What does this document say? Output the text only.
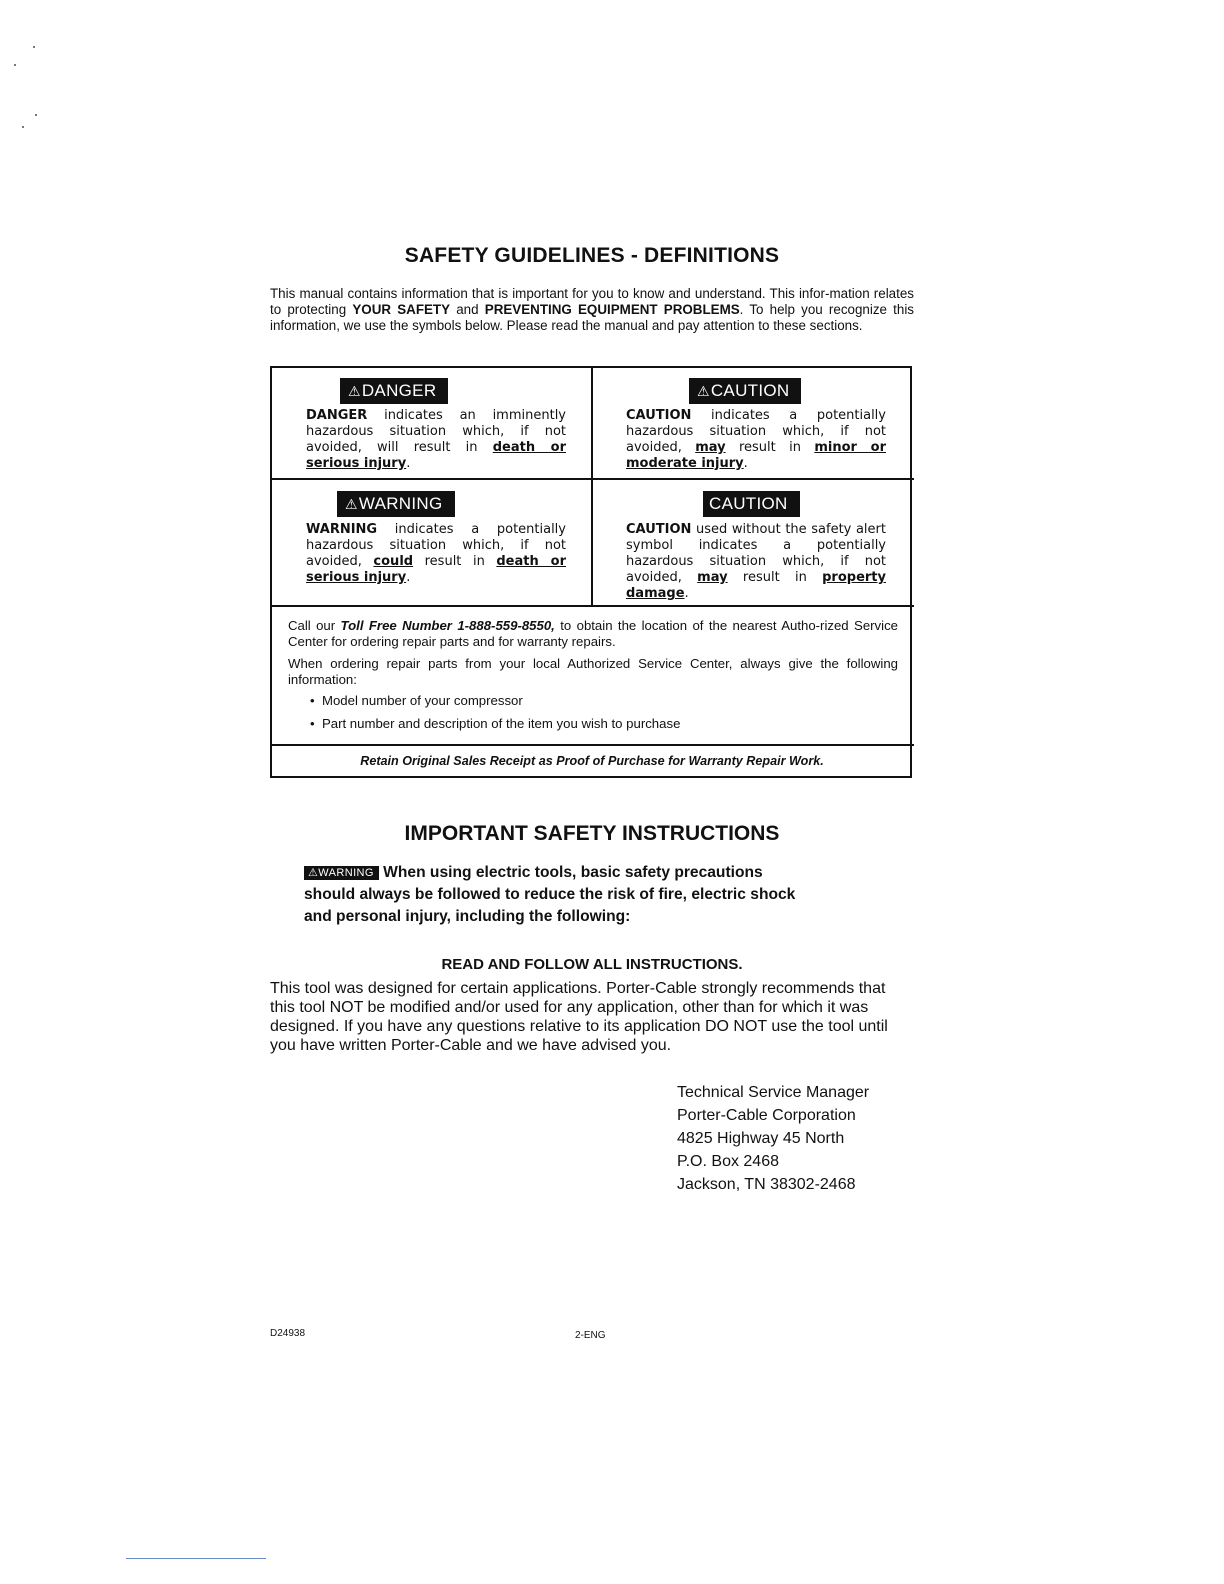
SAFETY GUIDELINES - DEFINITIONS
This manual contains information that is important for you to know and understand. This infor-mation relates to protecting YOUR SAFETY and PREVENTING EQUIPMENT PROBLEMS. To help you recognize this information, we use the symbols below. Please read the manual and pay attention to these sections.
⚠DANGER
DANGER indicates an imminently hazardous situation which, if not avoided, will result in death or serious injury.
⚠CAUTION
CAUTION indicates a potentially hazardous situation which, if not avoided, may result in minor or moderate injury.
⚠WARNING
WARNING indicates a potentially hazardous situation which, if not avoided, could result in death or serious injury.
CAUTION
CAUTION used without the safety alert symbol indicates a potentially hazardous situation which, if not avoided, may result in property damage.
Call our Toll Free Number 1-888-559-8550, to obtain the location of the nearest Autho-rized Service Center for ordering repair parts and for warranty repairs.
When ordering repair parts from your local Authorized Service Center, always give the following information:
•  Model number of your compressor
•  Part number and description of the item you wish to purchase
Retain Original Sales Receipt as Proof of Purchase for Warranty Repair Work.
IMPORTANT SAFETY INSTRUCTIONS
⚠WARNING When using electric tools, basic safety precautions
should always be followed to reduce the risk of fire, electric shock
and personal injury, including the following:
READ AND FOLLOW ALL INSTRUCTIONS.
This tool was designed for certain applications. Porter-Cable strongly recommends that this tool NOT be modified and/or used for any application, other than for which it was designed. If you have any questions relative to its application DO NOT use the tool until you have written Porter-Cable and we have advised you.
Technical Service Manager
Porter-Cable Corporation
4825 Highway 45 North
P.O. Box 2468
Jackson, TN 38302-2468
D24938	2-ENG
